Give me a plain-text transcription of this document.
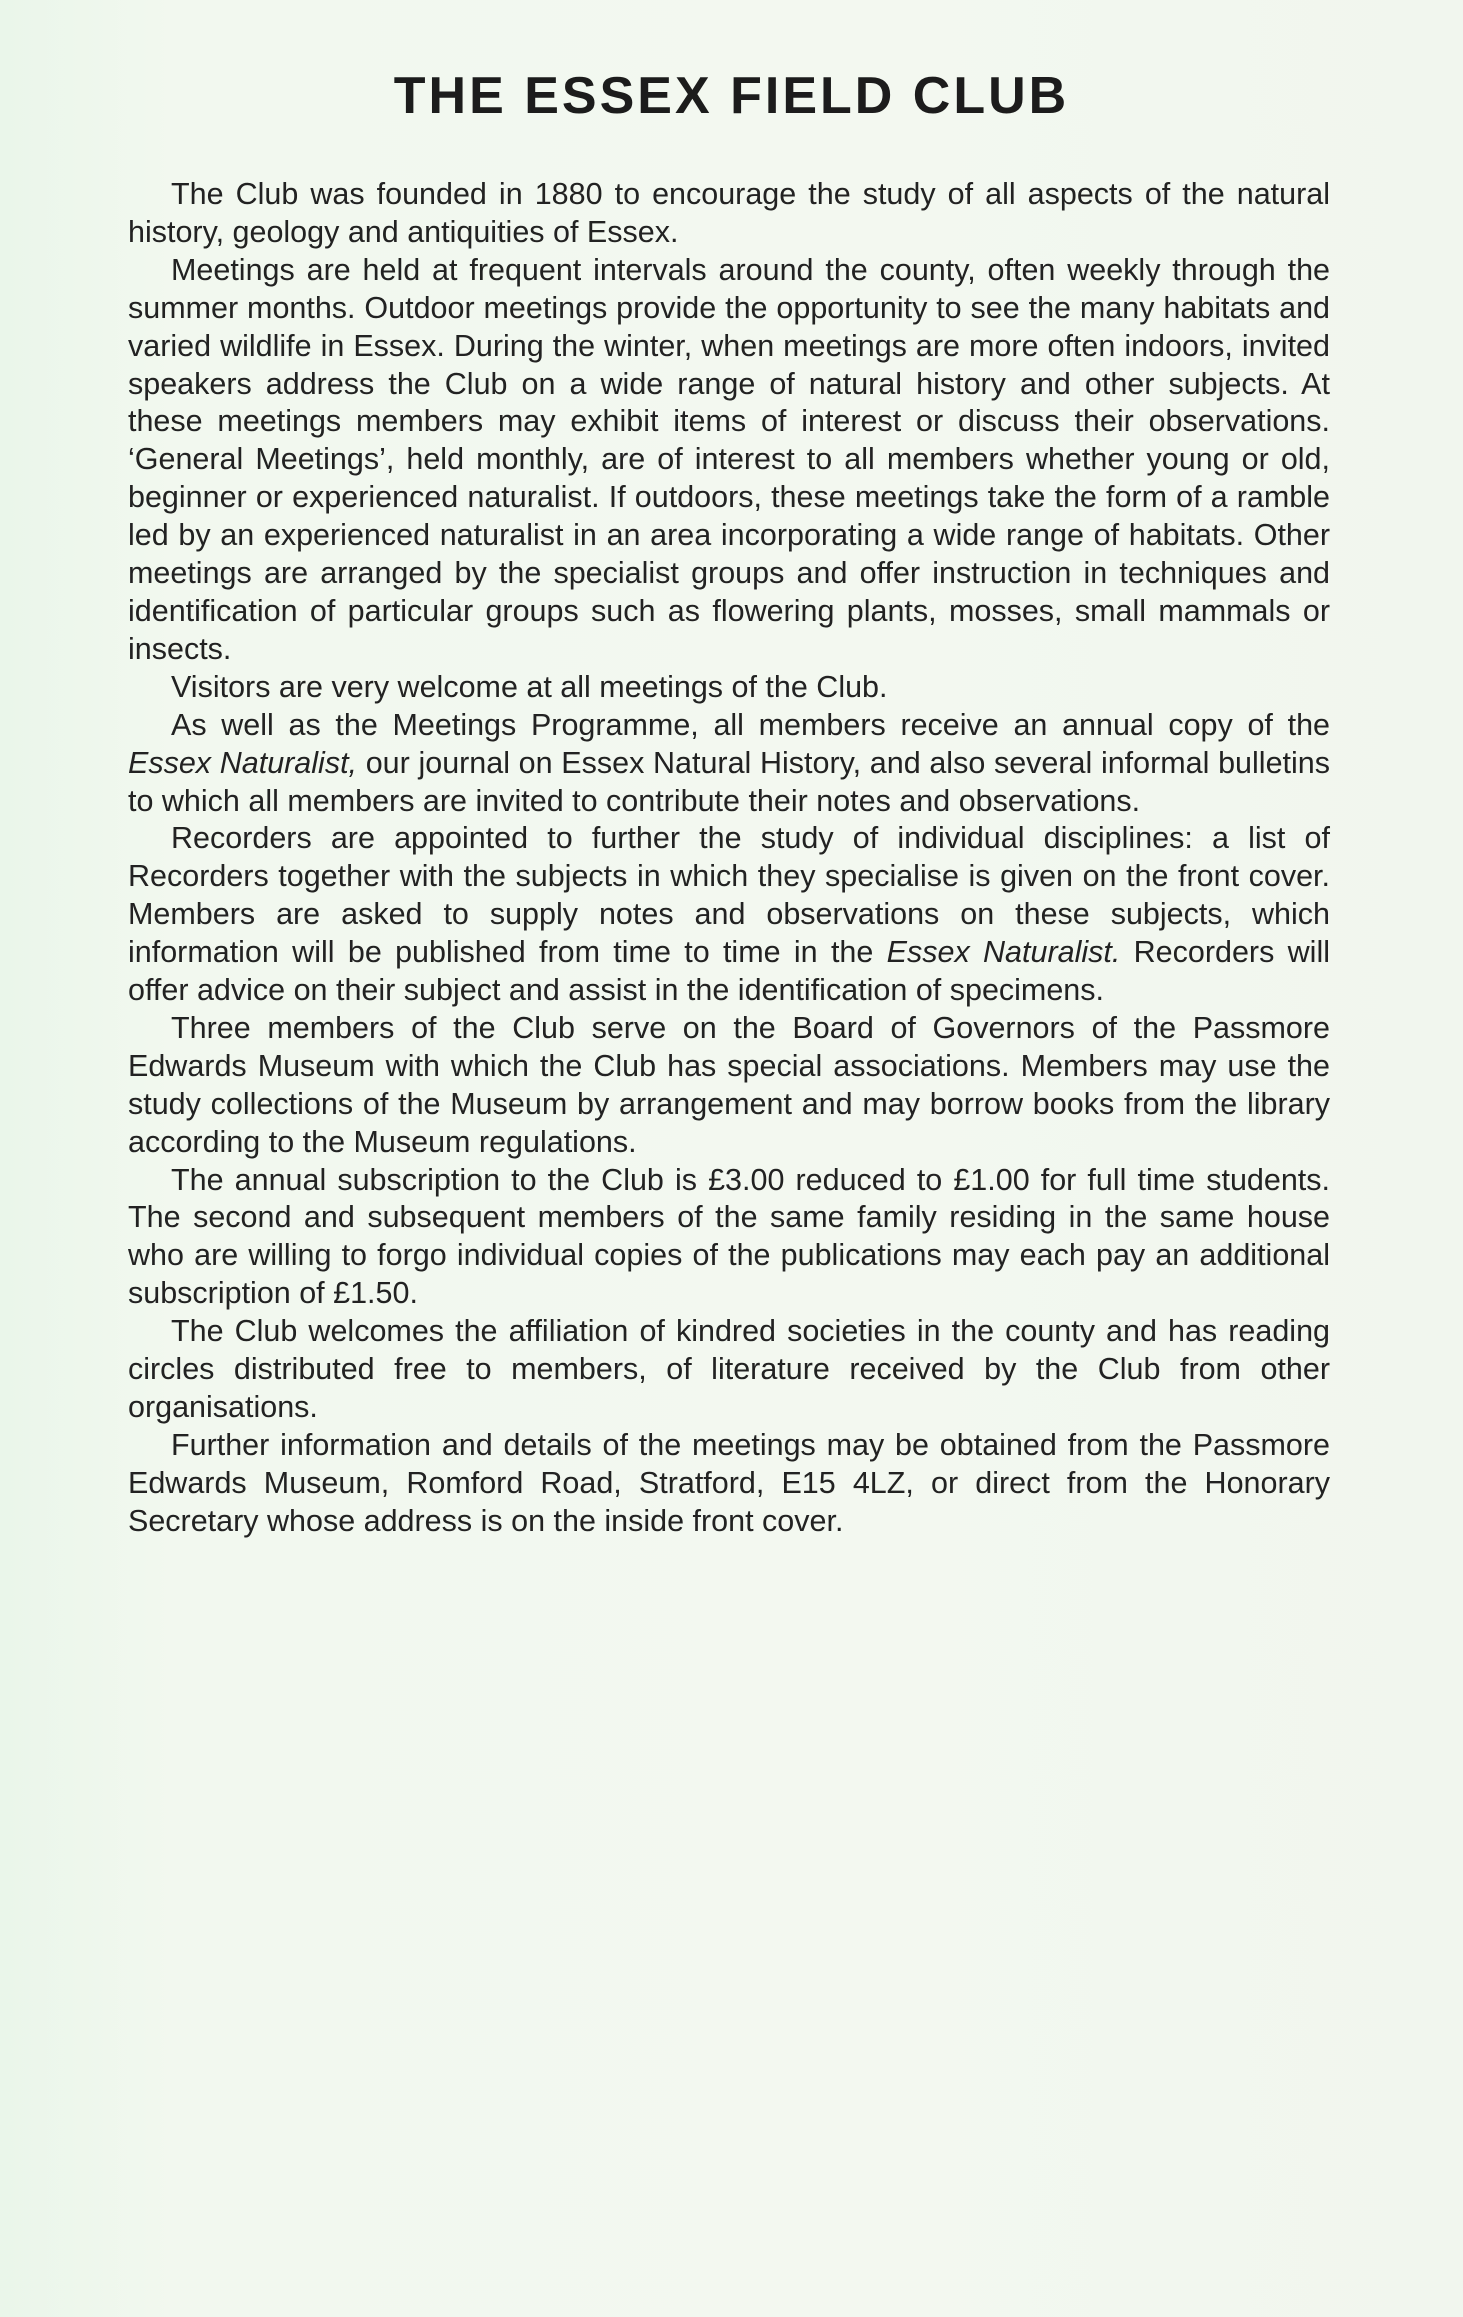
THE ESSEX FIELD CLUB

The Club was founded in 1880 to encourage the study of all aspects of the natural history, geology and antiquities of Essex.

Meetings are held at frequent intervals around the county, often weekly through the summer months. Outdoor meetings provide the opportunity to see the many habitats and varied wildlife in Essex. During the winter, when meetings are more often indoors, invited speakers address the Club on a wide range of natural history and other subjects. At these meetings members may exhibit items of interest or discuss their observations. ‘General Meetings’, held monthly, are of interest to all members whether young or old, beginner or experienced naturalist. If outdoors, these meetings take the form of a ramble led by an experienced naturalist in an area incorporating a wide range of habitats. Other meetings are arranged by the specialist groups and offer instruction in techniques and identification of particular groups such as flowering plants, mosses, small mammals or insects.

Visitors are very welcome at all meetings of the Club.

As well as the Meetings Programme, all members receive an annual copy of the Essex Naturalist, our journal on Essex Natural History, and also several informal bulletins to which all members are invited to contribute their notes and observations.

Recorders are appointed to further the study of individual disciplines: a list of Recorders together with the subjects in which they specialise is given on the front cover. Members are asked to supply notes and observations on these subjects, which information will be published from time to time in the Essex Naturalist. Recorders will offer advice on their subject and assist in the identification of specimens.

Three members of the Club serve on the Board of Governors of the Passmore Edwards Museum with which the Club has special associations. Members may use the study collections of the Museum by arrangement and may borrow books from the library according to the Museum regulations.

The annual subscription to the Club is £3.00 reduced to £1.00 for full time students. The second and subsequent members of the same family residing in the same house who are willing to forgo individual copies of the publications may each pay an additional subscription of £1.50.

The Club welcomes the affiliation of kindred societies in the county and has reading circles distributed free to members, of literature received by the Club from other organisations.

Further information and details of the meetings may be obtained from the Passmore Edwards Museum, Romford Road, Stratford, E15 4LZ, or direct from the Honorary Secretary whose address is on the inside front cover.
